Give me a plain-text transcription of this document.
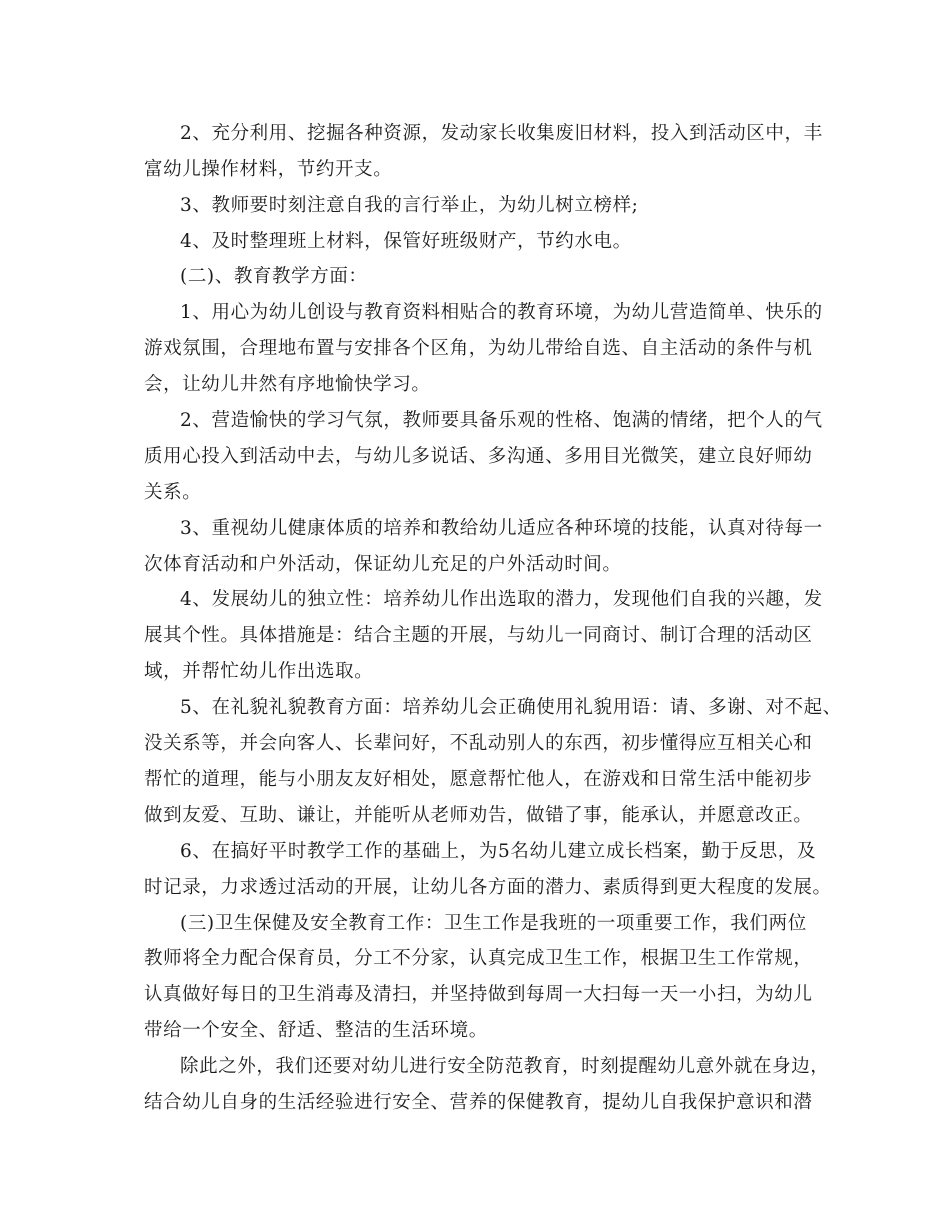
2、充分利用、挖掘各种资源，发动家长收集废旧材料，投入到活动区中，丰
富幼儿操作材料，节约开支。
3、教师要时刻注意自我的言行举止，为幼儿树立榜样;
4、及时整理班上材料，保管好班级财产，节约水电。
(二)、教育教学方面：
1、用心为幼儿创设与教育资料相贴合的教育环境，为幼儿营造简单、快乐的
游戏氛围，合理地布置与安排各个区角，为幼儿带给自选、自主活动的条件与机
会，让幼儿井然有序地愉快学习。
2、营造愉快的学习气氛，教师要具备乐观的性格、饱满的情绪，把个人的气
质用心投入到活动中去，与幼儿多说话、多沟通、多用目光微笑，建立良好师幼
关系。
3、重视幼儿健康体质的培养和教给幼儿适应各种环境的技能，认真对待每一
次体育活动和户外活动，保证幼儿充足的户外活动时间。
4、发展幼儿的独立性：培养幼儿作出选取的潜力，发现他们自我的兴趣，发
展其个性。具体措施是：结合主题的开展，与幼儿一同商讨、制订合理的活动区
域，并帮忙幼儿作出选取。
5、在礼貌礼貌教育方面：培养幼儿会正确使用礼貌用语：请、多谢、对不起、
没关系等，并会向客人、长辈问好，不乱动别人的东西，初步懂得应互相关心和
帮忙的道理，能与小朋友友好相处，愿意帮忙他人，在游戏和日常生活中能初步
做到友爱、互助、谦让，并能听从老师劝告，做错了事，能承认，并愿意改正。
6、在搞好平时教学工作的基础上，为5名幼儿建立成长档案，勤于反思，及
时记录，力求透过活动的开展，让幼儿各方面的潜力、素质得到更大程度的发展。
(三)卫生保健及安全教育工作：卫生工作是我班的一项重要工作，我们两位
教师将全力配合保育员，分工不分家，认真完成卫生工作，根据卫生工作常规，
认真做好每日的卫生消毒及清扫，并坚持做到每周一大扫每一天一小扫，为幼儿
带给一个安全、舒适、整洁的生活环境。
除此之外，我们还要对幼儿进行安全防范教育，时刻提醒幼儿意外就在身边，
结合幼儿自身的生活经验进行安全、营养的保健教育，提幼儿自我保护意识和潜
